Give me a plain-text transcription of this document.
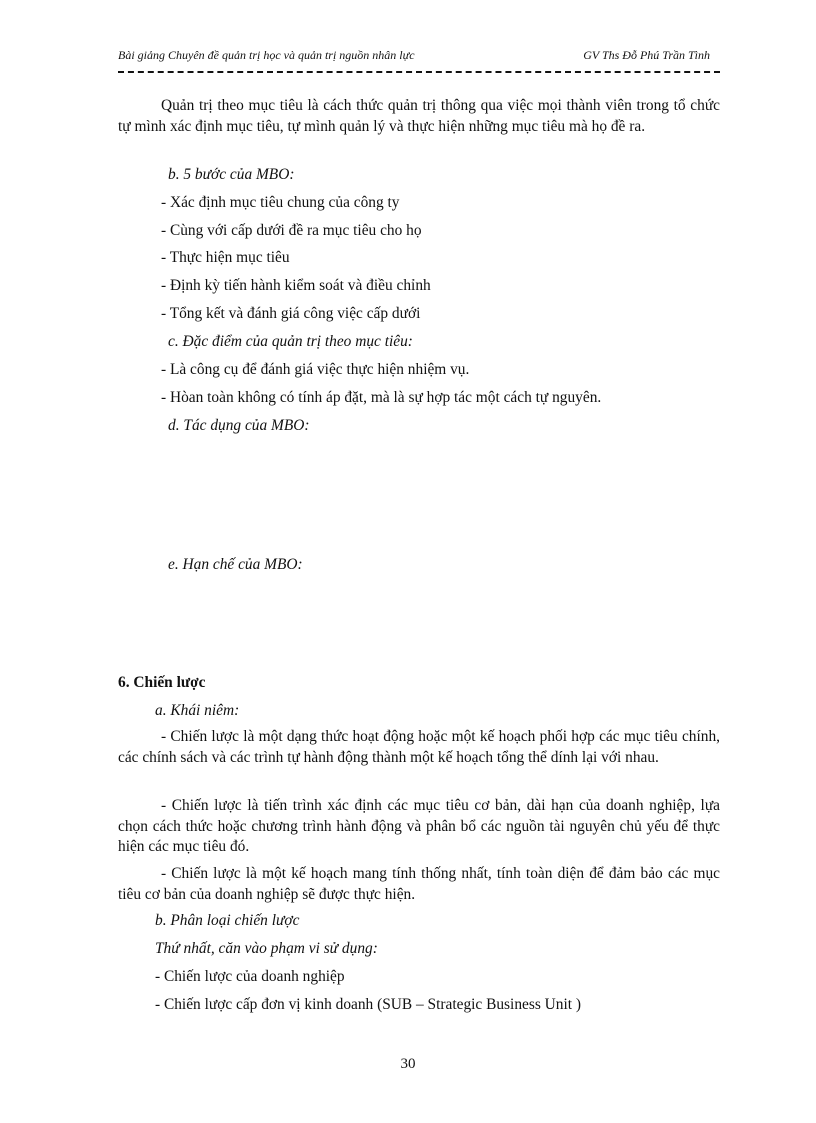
Bài giảng Chuyên đề quản trị học và quản trị nguồn nhân lực	GV Ths Đỗ Phú Trần Tình
Quản trị theo mục tiêu là cách thức quản trị thông qua việc mọi thành viên trong tổ chức tự mình xác định mục tiêu, tự mình quản lý và thực hiện những mục tiêu mà họ đề ra.
b. 5 bước của MBO:
- Xác định mục tiêu chung của công ty
- Cùng với cấp dưới đề ra mục tiêu cho họ
- Thực hiện mục tiêu
- Định kỳ tiến hành kiểm soát và điều chỉnh
- Tổng kết và đánh giá công việc cấp dưới
c. Đặc điểm của quản trị theo mục tiêu:
- Là công cụ để đánh giá việc thực hiện nhiệm vụ.
- Hòan toàn không có tính áp đặt, mà là sự hợp tác một cách tự nguyên.
d. Tác dụng của MBO:
e. Hạn chế của MBO:
6. Chiến lược
a. Khái niêm:
- Chiến lược là một dạng thức hoạt động hoặc một kế hoạch phối hợp các mục tiêu chính, các chính sách và các trình tự hành động thành một kế hoạch tổng thể dính lại với nhau.
- Chiến lược là tiến trình xác định các mục tiêu cơ bản, dài hạn của doanh nghiệp, lựa chọn cách thức hoặc chương trình hành động và phân bổ các nguồn tài nguyên chủ yếu để thực hiện các mục tiêu đó.
- Chiến lược là một kế hoạch mang tính thống nhất, tính toàn diện để đảm bảo các mục tiêu cơ bản của doanh nghiệp sẽ được thực hiện.
b. Phân loại chiến lược
Thứ nhất, căn vào phạm vi sử dụng:
- Chiến lược của doanh nghiệp
- Chiến lược cấp đơn vị kinh doanh (SUB – Strategic Business Unit )
30
